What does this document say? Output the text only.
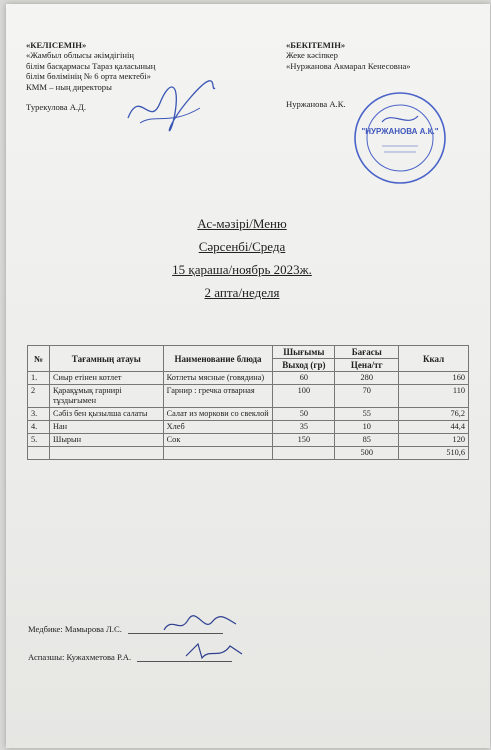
«КЕЛІСЕМІН»
«Жамбыл облысы әкімдігінің
білім басқармасы Тараз қаласының
білім бөлімінің № 6 орта мектебі»
КММ – ның директоры
Турекулова А.Д.
«БЕКІТЕМІН»
Жеке кәсіпкер
«Нуржанова Акмарал Кенесовна»
Нуржанова А.К.
"НУРЖАНОВА А.К."
Ас-мәзірі/Меню
Сәрсенбі/Среда
15 қараша/ноябрь 2023ж.
2 апта/неделя
№	Тағамның атауы	Наименование блюда	Шығымы	Бағасы	Ккал
			Выход (гр)	Цена/тг	
1.	Сиыр етінен котлет	Котлеты мясные (говядина)	60	280	160
2	Қарақұмық гарнирі тұздығымен	Гарнир : гречка отварная	100	70	110
3.	Сәбіз бен қызылша салаты	Салат из моркови со свеклой	50	55	76,2
4.	Нан	Хлеб	35	10	44,4
5.	Шырын	Сок	150	85	120
				500	510,6
Медбике: Мамырова Л.С.
Аспазшы: Кужахметова Р.А.
